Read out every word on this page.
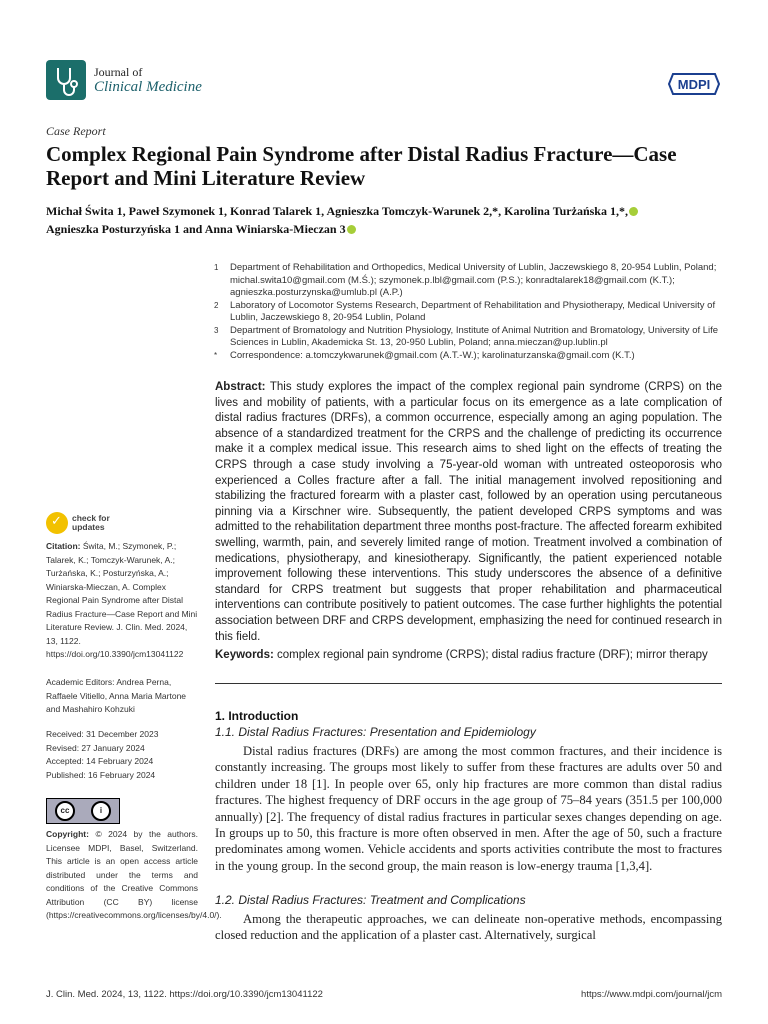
Journal of
Clinical Medicine	MDPI
Case Report
Complex Regional Pain Syndrome after Distal Radius Fracture—Case Report and Mini Literature Review
Michał Świta 1, Paweł Szymonek 1, Konrad Talarek 1, Agnieszka Tomczyk-Warunek 2,*, Karolina Turżańska 1,*,
Agnieszka Posturzyńska 1 and Anna Winiarska-Mieczan 3
1	Department of Rehabilitation and Orthopedics, Medical University of Lublin, Jaczewskiego 8, 20-954 Lublin, Poland; michal.swita10@gmail.com (M.Ś.); szymonek.p.lbl@gmail.com (P.S.); konradtalarek18@gmail.com (K.T.); agnieszka.posturzynska@umlub.pl (A.P.)
2	Laboratory of Locomotor Systems Research, Department of Rehabilitation and Physiotherapy, Medical University of Lublin, Jaczewskiego 8, 20-954 Lublin, Poland
3	Department of Bromatology and Nutrition Physiology, Institute of Animal Nutrition and Bromatology, University of Life Sciences in Lublin, Akademicka St. 13, 20-950 Lublin, Poland; anna.mieczan@up.lublin.pl
*	Correspondence: a.tomczykwarunek@gmail.com (A.T.-W.); karolinaturzanska@gmail.com (K.T.)
Abstract: This study explores the impact of the complex regional pain syndrome (CRPS) on the lives and mobility of patients, with a particular focus on its emergence as a late complication of distal radius fractures (DRFs), a common occurrence, especially among an aging population. The absence of a standardized treatment for the CRPS and the challenge of predicting its occurrence make it a complex medical issue. This research aims to shed light on the effects of treating the CRPS through a case study involving a 75-year-old woman with untreated osteoporosis who experienced a Colles fracture after a fall. The initial management involved repositioning and stabilizing the fractured forearm with a plaster cast, followed by an operation using percutaneous pinning via a Kirschner wire. Subsequently, the patient developed CRPS symptoms and was admitted to the rehabilitation department three months post-fracture. The affected forearm exhibited swelling, warmth, pain, and severely limited range of motion. Treatment involved a combination of medications, physiotherapy, and kinesiotherapy. Significantly, the patient experienced notable improvement following these interventions. This study underscores the absence of a definitive standard for CRPS treatment but suggests that proper rehabilitation and pharmaceutical interventions can contribute positively to patient outcomes. The case further highlights the potential association between DRF and CRPS development, emphasizing the need for continued research in this field.
Keywords: complex regional pain syndrome (CRPS); distal radius fracture (DRF); mirror therapy
✓
check for
updates
Citation: Świta, M.; Szymonek, P.; Talarek, K.; Tomczyk-Warunek, A.; Turżańska, K.; Posturzyńska, A.; Winiarska-Mieczan, A. Complex Regional Pain Syndrome after Distal Radius Fracture—Case Report and Mini Literature Review. J. Clin. Med. 2024, 13, 1122. https://doi.org/10.3390/jcm13041122
Academic Editors: Andrea Perna, Raffaele Vitiello, Anna Maria Martone and Mashahiro Kohzuki
Received: 31 December 2023
Revised: 27 January 2024
Accepted: 14 February 2024
Published: 16 February 2024
cc	i
Copyright: © 2024 by the authors. Licensee MDPI, Basel, Switzerland. This article is an open access article distributed under the terms and conditions of the Creative Commons Attribution (CC BY) license (https://creativecommons.org/licenses/by/4.0/).
1. Introduction
1.1. Distal Radius Fractures: Presentation and Epidemiology
Distal radius fractures (DRFs) are among the most common fractures, and their incidence is constantly increasing. The groups most likely to suffer from these fractures are adults over 50 and children under 18 [1]. In people over 65, only hip fractures are more common than distal radius fractures. The highest frequency of DRF occurs in the age group of 75–84 years (351.5 per 100,000 annually) [2]. The frequency of distal radius fractures in particular sexes changes depending on age. In groups up to 50, this fracture is more often observed in men. After the age of 50, such a fracture predominates among women. Vehicle accidents and sports activities contribute the most to fractures in the young group. In the second group, the main reason is low-energy trauma [1,3,4].
1.2. Distal Radius Fractures: Treatment and Complications
Among the therapeutic approaches, we can delineate non-operative methods, encompassing closed reduction and the application of a plaster cast. Alternatively, surgical
J. Clin. Med. 2024, 13, 1122. https://doi.org/10.3390/jcm13041122	https://www.mdpi.com/journal/jcm
